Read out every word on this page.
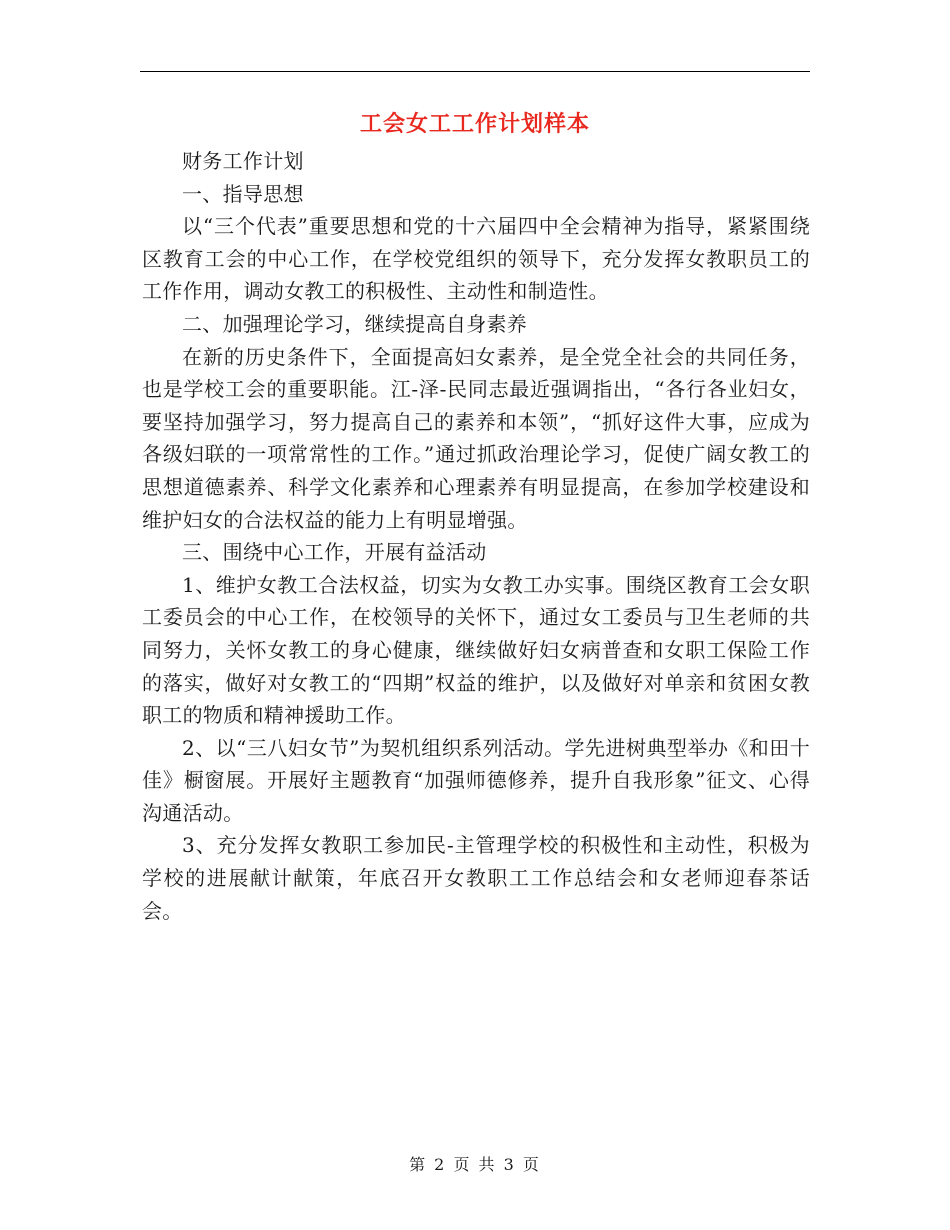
工会女工工作计划样本

财务工作计划

一、指导思想

以“三个代表”重要思想和党的十六届四中全会精神为指导，紧紧围绕区教育工会的中心工作，在学校党组织的领导下，充分发挥女教职员工的工作作用，调动女教工的积极性、主动性和制造性。

二、加强理论学习，继续提高自身素养

在新的历史条件下，全面提高妇女素养，是全党全社会的共同任务，也是学校工会的重要职能。江-泽-民同志最近强调指出，“各行各业妇女，要坚持加强学习，努力提高自己的素养和本领”，“抓好这件大事，应成为各级妇联的一项常常性的工作。”通过抓政治理论学习，促使广阔女教工的思想道德素养、科学文化素养和心理素养有明显提高，在参加学校建设和维护妇女的合法权益的能力上有明显增强。

三、围绕中心工作，开展有益活动

1、维护女教工合法权益，切实为女教工办实事。围绕区教育工会女职工委员会的中心工作，在校领导的关怀下，通过女工委员与卫生老师的共同努力，关怀女教工的身心健康，继续做好妇女病普查和女职工保险工作的落实，做好对女教工的“四期”权益的维护，以及做好对单亲和贫困女教职工的物质和精神援助工作。

2、以“三八妇女节”为契机组织系列活动。学先进树典型举办《和田十佳》橱窗展。开展好主题教育“加强师德修养，提升自我形象”征文、心得沟通活动。

3、充分发挥女教职工参加民-主管理学校的积极性和主动性，积极为学校的进展献计献策，年底召开女教职工工作总结会和女老师迎春茶话会。

第 2 页 共 3 页
